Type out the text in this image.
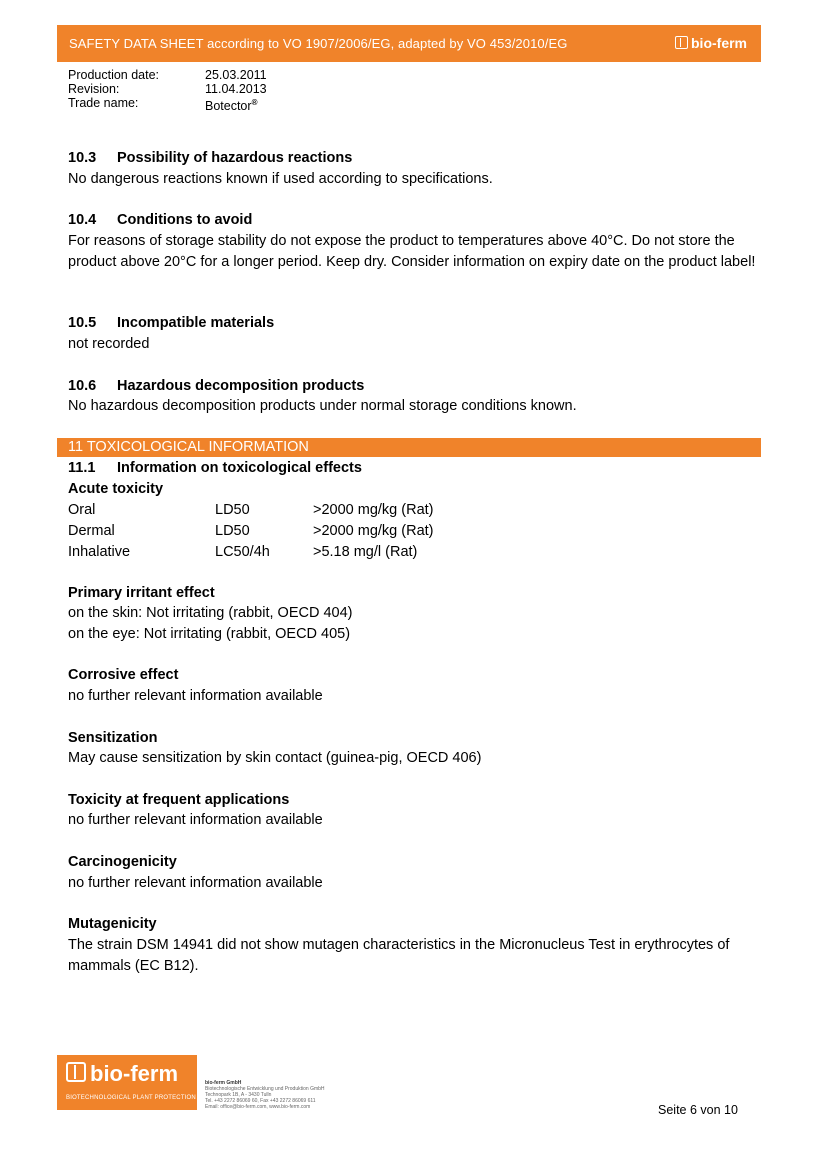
SAFETY DATA SHEET according to VO 1907/2006/EG, adapted by VO 453/2010/EG	bio-ferm
Production date:	25.03.2011
Revision:	11.04.2013
Trade name:	Botector®
10.3 Possibility of hazardous reactions
No dangerous reactions known if used according to specifications.
10.4 Conditions to avoid
For reasons of storage stability do not expose the product to temperatures above 40°C. Do not store the product above 20°C for a longer period. Keep dry. Consider information on expiry date on the product label!
10.5 Incompatible materials
not recorded
10.6 Hazardous decomposition products
No hazardous decomposition products under normal storage conditions known.
11 TOXICOLOGICAL INFORMATION
11.1 Information on toxicological effects
Acute toxicity
Oral	LD50	>2000 mg/kg (Rat)
Dermal	LD50	>2000 mg/kg (Rat)
Inhalative	LC50/4h	>5.18 mg/l (Rat)
Primary irritant effect
on the skin: Not irritating (rabbit, OECD 404)
on the eye: Not irritating (rabbit, OECD 405)
Corrosive effect
no further relevant information available
Sensitization
May cause sensitization by skin contact (guinea-pig, OECD 406)
Toxicity at frequent applications
no further relevant information available
Carcinogenicity
no further relevant information available
Mutagenicity
The strain DSM 14941 did not show mutagen characteristics in the Micronucleus Test in erythrocytes of mammals (EC B12).
bio-ferm
BIOTECHNOLOGICAL PLANT PROTECTION
bio-ferm GmbH
Biotechnologische Entwicklung und Produktion GmbH
Technopark 1B, A - 3430 Tulln
Tel. +43 2272 86069 60, Fax +43 2272 86069 611
Email: office@bio-ferm.com, www.bio-ferm.com	Seite 6 von 10
